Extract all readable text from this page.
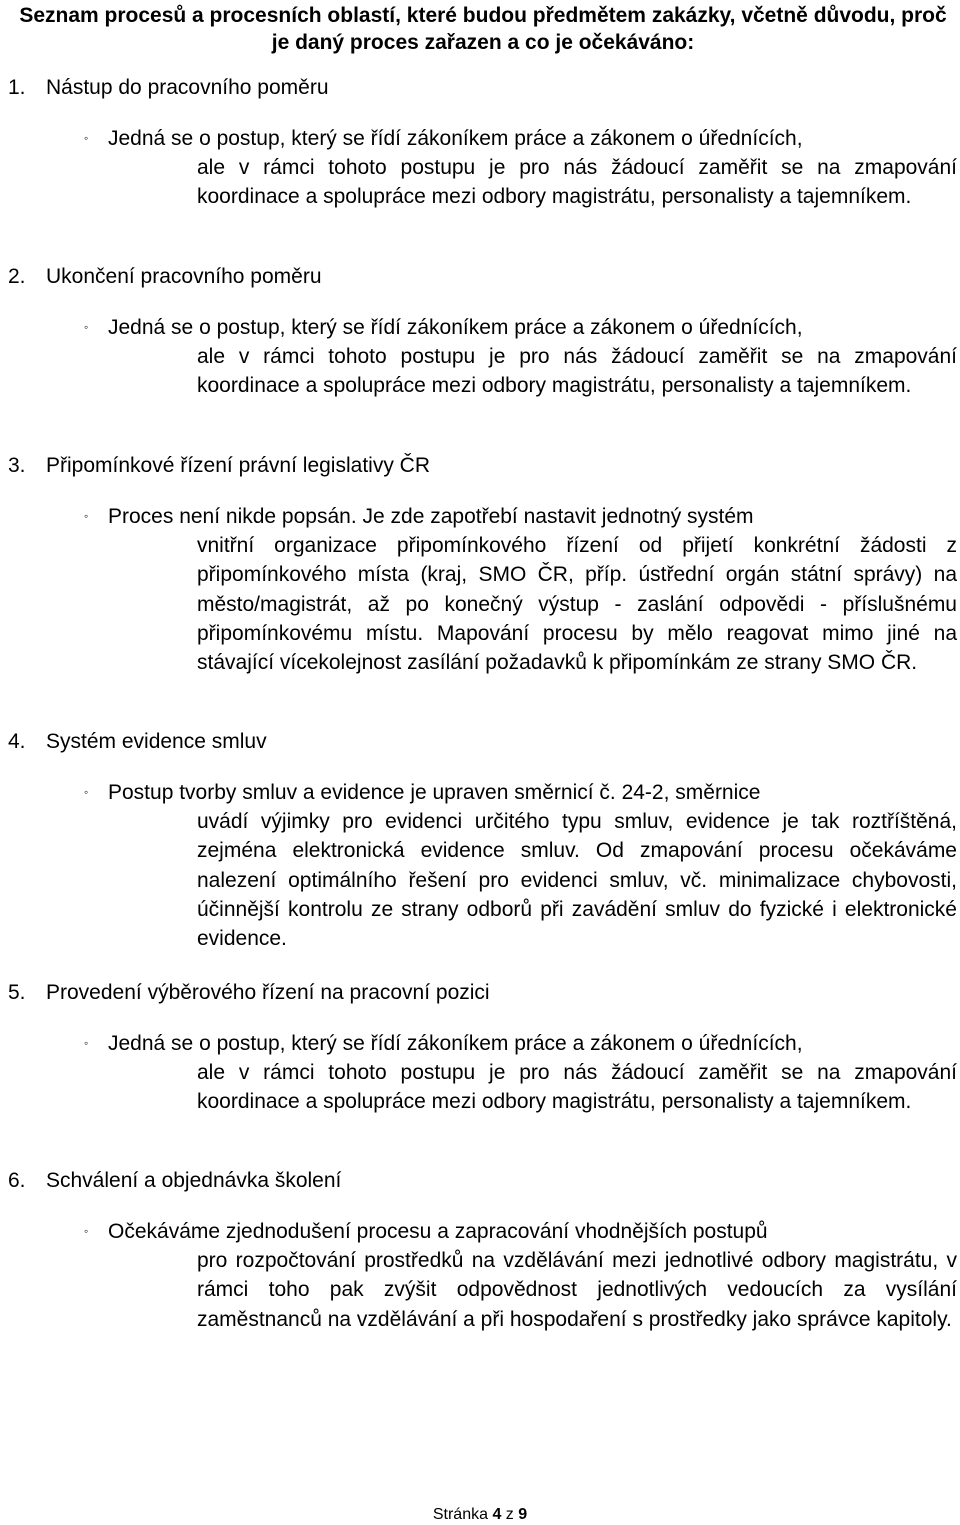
Seznam procesů a procesních oblastí, které budou předmětem zakázky, včetně důvodu, proč je daný proces zařazen a co je očekáváno:
1. Nástup do pracovního poměru
◦ Jedná se o postup, který se řídí zákoníkem práce a zákonem o úřednících,
ale v rámci tohoto postupu je pro nás žádoucí zaměřit se na zmapování koordinace a spolupráce mezi odbory magistrátu, personalisty a tajemníkem.
2. Ukončení pracovního poměru
◦ Jedná se o postup, který se řídí zákoníkem práce a zákonem o úřednících,
ale v rámci tohoto postupu je pro nás žádoucí zaměřit se na zmapování koordinace a spolupráce mezi odbory magistrátu, personalisty a tajemníkem.
3. Připomínkové řízení právní legislativy ČR
◦ Proces není nikde popsán. Je zde zapotřebí nastavit jednotný systém
vnitřní organizace připomínkového řízení od přijetí konkrétní žádosti z připomínkového místa (kraj, SMO ČR, příp. ústřední orgán státní správy) na město/magistrát, až po konečný výstup - zaslání odpovědi - příslušnému připomínkovému místu. Mapování procesu by mělo reagovat mimo jiné na stávající vícekolejnost zasílání požadavků k připomínkám ze strany SMO ČR.
4. Systém evidence smluv
◦ Postup tvorby smluv a evidence je upraven směrnicí č. 24-2, směrnice
uvádí výjimky pro evidenci určitého typu smluv, evidence je tak roztříštěná, zejména elektronická evidence smluv. Od zmapování procesu očekáváme nalezení optimálního řešení pro evidenci smluv, vč. minimalizace chybovosti, účinnější kontrolu ze strany odborů při zavádění smluv do fyzické i elektronické evidence.
5. Provedení výběrového řízení na pracovní pozici
◦ Jedná se o postup, který se řídí zákoníkem práce a zákonem o úřednících,
ale v rámci tohoto postupu je pro nás žádoucí zaměřit se na zmapování koordinace a spolupráce mezi odbory magistrátu, personalisty a tajemníkem.
6. Schválení a objednávka školení
◦ Očekáváme zjednodušení procesu a zapracování vhodnějších postupů
pro rozpočtování prostředků na vzdělávání mezi jednotlivé odbory magistrátu, v rámci toho pak zvýšit odpovědnost jednotlivých vedoucích za vysílání zaměstnanců na vzdělávání a při hospodaření s prostředky jako správce kapitoly.
Stránka 4 z 9
